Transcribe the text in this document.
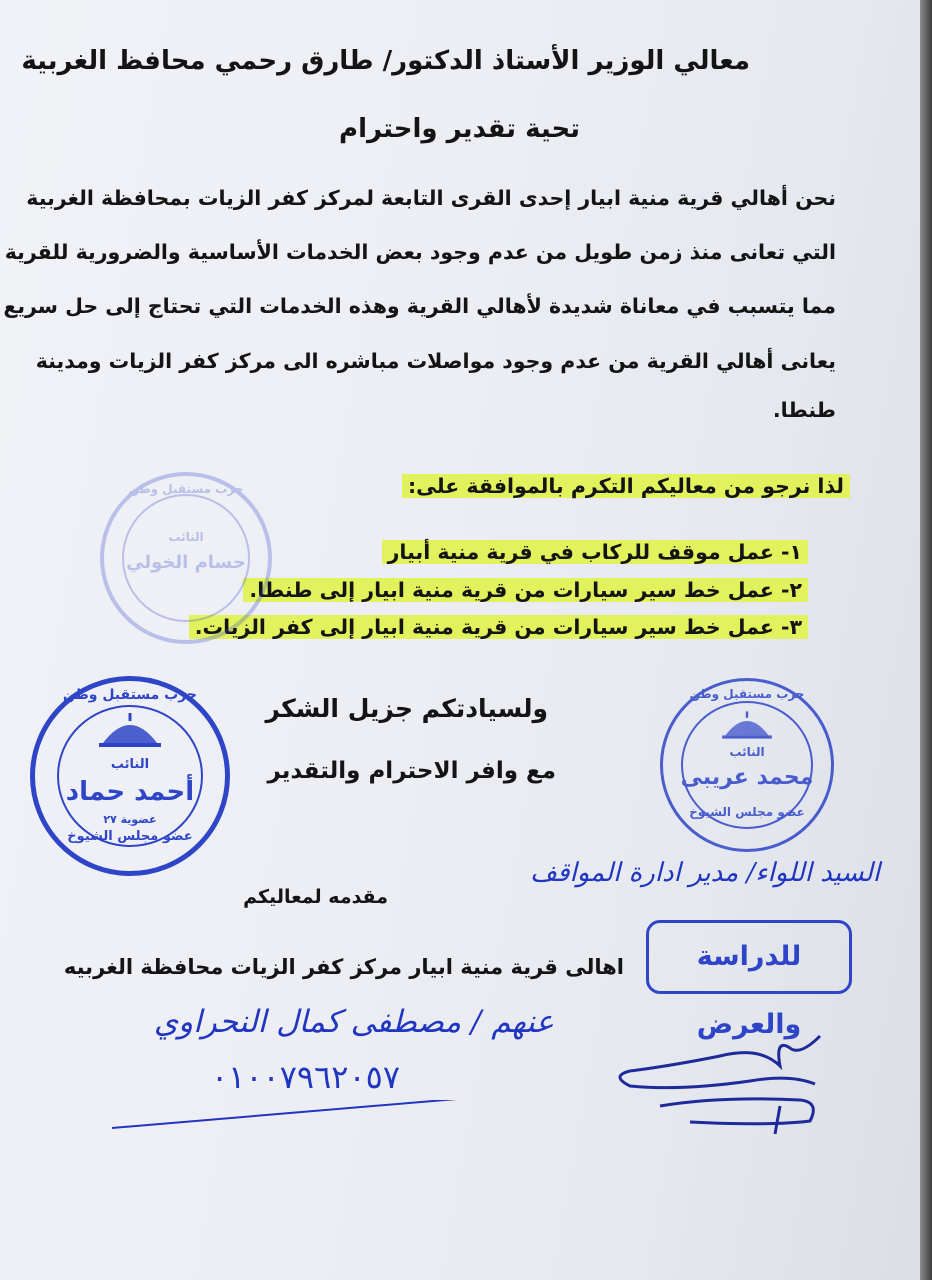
معالي الوزير الأستاذ الدكتور/ طارق رحمي محافظ الغربية
تحية تقدير واحترام
نحن أهالي قرية منية ابيار إحدى القرى التابعة لمركز كفر الزيات بمحافظة الغربية
التي تعانى منذ زمن طويل من عدم وجود بعض الخدمات الأساسية والضرورية للقرية
مما يتسبب في معاناة شديدة لأهالي القرية وهذه الخدمات التي تحتاج إلى حل سريع
يعانى أهالي القرية من عدم وجود مواصلات مباشره الى مركز كفر الزيات ومدينة
طنطا.
لذا نرجو من معاليكم التكرم بالموافقة على:
١- عمل موقف للركاب في قرية منية أبيار
٢- عمل خط سير سيارات من قرية منية ابيار إلى طنطا.
٣- عمل خط سير سيارات من قرية منية ابيار إلى كفر الزيات.
ولسيادتكم جزيل الشكر
مع وافر الاحترام والتقدير
مقدمه لمعاليكم
اهالى قرية منية ابيار مركز كفر الزيات محافظة الغربيه
حزب مستقبل وطن
النائب
حسام الخولي
حزب مستقبل وطن
النائب
أحمد حماد
عضوية ٢٧
عضو مجلس الشيوخ
حزب مستقبل وطن
النائب
محمد عريبى
عضو مجلس الشيوخ
السيد اللواء/ مدير ادارة المواقف
للدراسة والعرض
عنهم / مصطفى كمال النحراوي
٠١٠٠٧٩٦٢٠٥٧
